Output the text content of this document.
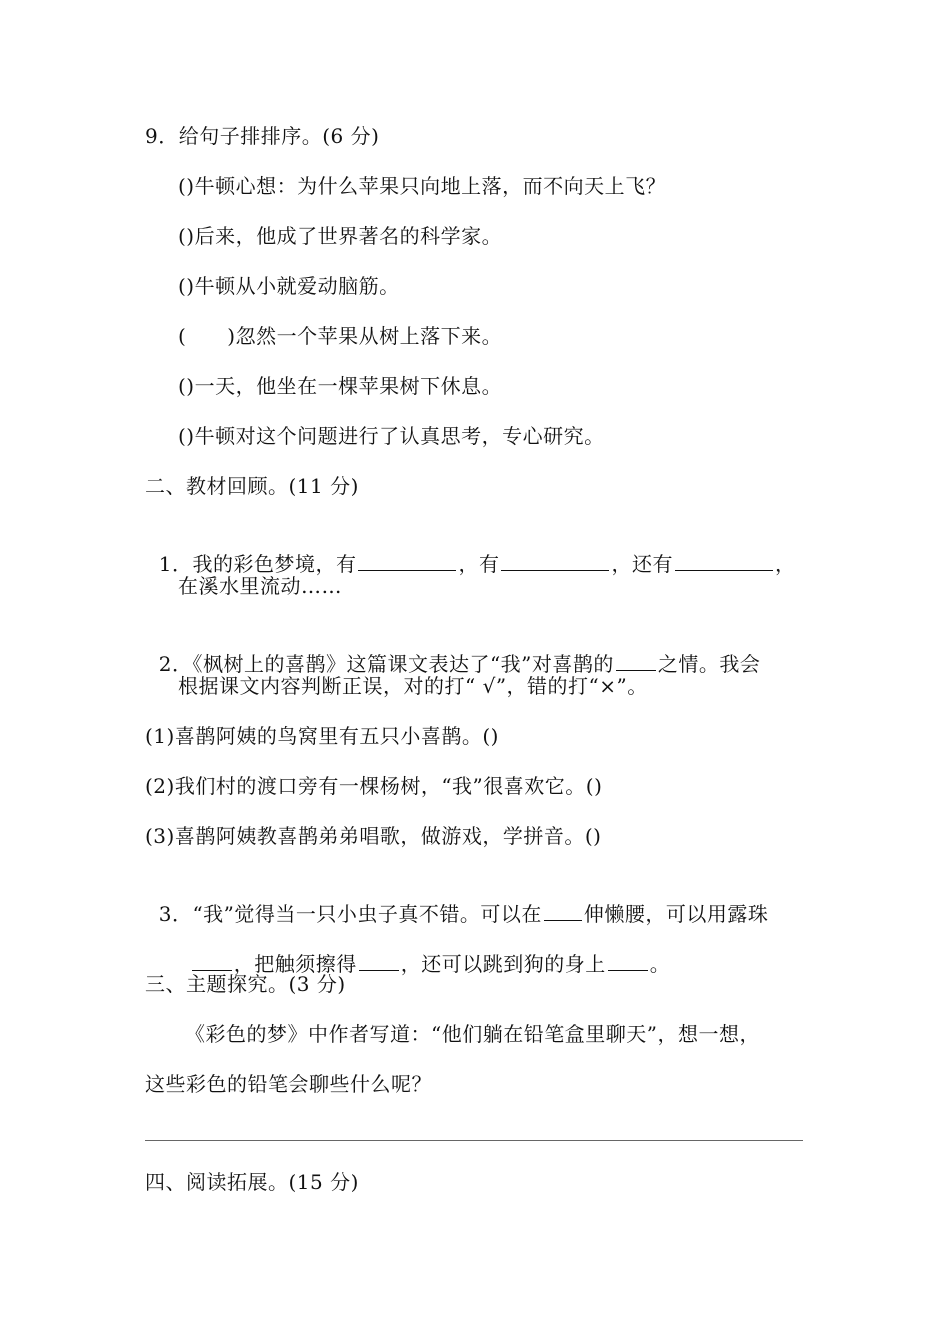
9．给句子排排序。(6 分)
()牛顿心想：为什么苹果只向地上落，而不向天上飞？
()后来，他成了世界著名的科学家。
()牛顿从小就爱动脑筋。
(　　)忽然一个苹果从树上落下来。
()一天，他坐在一棵苹果树下休息。
()牛顿对这个问题进行了认真思考，专心研究。
二、教材回顾。(11 分)

1．我的彩色梦境，有	，有	，还有	，

在溪水里流动……

2．《枫树上的喜鹊》这篇课文表达了“我”对喜鹊的 之情。我会

根据课文内容判断正误，对的打“ √”，错的打“×”。
(1)喜鹊阿姨的鸟窝里有五只小喜鹊。()
(2)我们村的渡口旁有一棵杨树，“我”很喜欢它。()
(3)喜鹊阿姨教喜鹊弟弟唱歌，做游戏，学拼音。()

3．“我”觉得当一只小虫子真不错。可以在 伸懒腰，可以用露珠

，把触须擦得 ，还可以跳到狗的身上 。

三、主题探究。(3 分)
《彩色的梦》中作者写道：“他们躺在铅笔盒里聊天”，想一想，
这些彩色的铅笔会聊些什么呢？
四、阅读拓展。(15 分)
